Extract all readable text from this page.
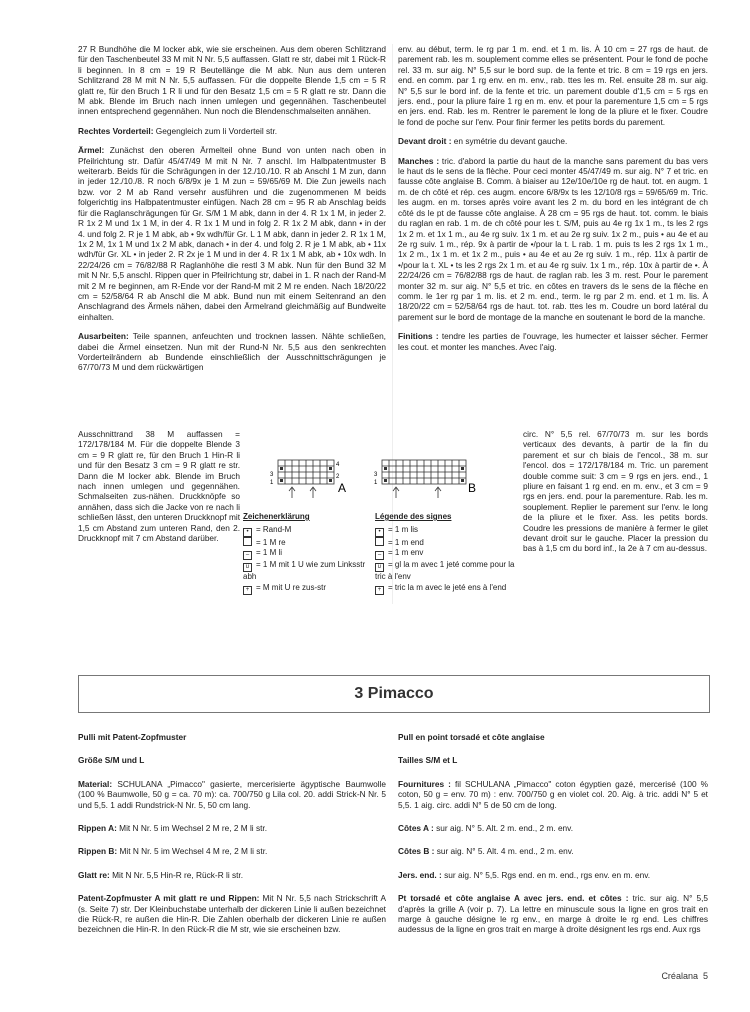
27 R Bundhöhe die M locker abk, wie sie erscheinen. Aus dem oberen Schlitzrand für den Taschenbeutel 33 M mit N Nr. 5,5 auffassen. Glatt re str, dabei mit 1 Rück-R li beginnen. In 8 cm = 19 R Beutellänge die M abk. Nun aus dem unteren Schlitzrand 28 M mit N Nr. 5,5 auffassen. Für die doppelte Blende 1,5 cm = 5 R glatt re, für den Bruch 1 R li und für den Besatz 1,5 cm = 5 R glatt re str. Dann die M abk. Blende im Bruch nach innen umlegen und gegennähen. Taschenbeutel innen entsprechend gegennähen. Nun noch die Blendenschmalseiten annähen.

Rechtes Vorderteil: Gegengleich zum li Vorderteil str.

Ärmel: Zunächst den oberen Ärmelteil ohne Bund von unten nach oben in Pfeilrichtung str. Dafür 45/47/49 M mit N Nr. 7 anschl. Im Halbpatentmuster B weiterarb. Beids für die Schrägungen in der 12./10./10. R ab Anschl 1 M zun, dann in jeder 12./10./8. R noch 6/8/9x je 1 M zun = 59/65/69 M. Die Zun jeweils nach bzw. vor 2 M ab Rand versehr ausführen und die zugenommenen M beids folgerichtig ins Halbpatentmuster einfügen. Nach 28 cm = 95 R ab Anschlag beids für die Raglanschrägungen für Gr. S/M 1 M abk, dann in der 4. R 1x 1 M, in jeder 2. R 1x 2 M und 1x 1 M, in der 4. R 1x 1 M und in folg 2. R 1x 2 M abk, dann • in der 4. und folg 2. R je 1 M abk, ab • 9x wdh/für Gr. L 1 M abk, dann in jeder 2. R 1x 1 M, 1x 2 M, 1x 1 M und 1x 2 M abk, danach • in der 4. und folg 2. R je 1 M abk, ab • 11x wdh/für Gr. XL • in jeder 2. R 2x je 1 M und in der 4. R 1x 1 M abk, ab • 10x wdh. In 22/24/26 cm = 76/82/88 R Raglanhöhe die restl 3 M abk. Nun für den Bund 32 M mit N Nr. 5,5 anschl. Rippen quer in Pfeilrichtung str, dabei in 1. R nach der Rand-M mit 2 M re beginnen, am R-Ende vor der Rand-M mit 2 M re enden. Nach 18/20/22 cm = 52/58/64 R ab Anschl die M abk. Bund nun mit einem Seitenrand an den Anschlagrand des Ärmels nähen, dabei den Ärmelrand gleichmäßig auf Bundweite einhalten.

Ausarbeiten: Teile spannen, anfeuchten und trocknen lassen. Nähte schließen, dabei die Ärmel einsetzen. Nun mit der Rund-N Nr. 5,5 aus den senkrechten Vorderteilrändern ab Bundende einschließlich der Ausschnittschrägungen je 67/70/73 M und dem rückwärtigen

Ausschnittrand 38 M auffassen = 172/178/184 M. Für die doppelte Blende 3 cm = 9 R glatt re, für den Bruch 1 Hin-R li und für den Besatz 3 cm = 9 R glatt re str. Dann die M locker abk. Blende im Bruch nach innen umlegen und gegennähen. Schmalseiten zus-nähen. Druckknöpfe so annähen, dass sich die Jacke von re nach li schließen lässt, den unteren Druckknopf mit 1,5 cm Abstand zum unteren Rand, den 2. Druckknopf mit 7 cm Abstand darüber.

env. au début, term. le rg par 1 m. end. et 1 m. lis. À 10 cm = 27 rgs de haut. de parement rab. les m. souplement comme elles se présentent. Pour le fond de poche rel. 33 m. sur aig. N° 5,5 sur le bord sup. de la fente et tric. 8 cm = 19 rgs en jers. end. en comm. par 1 rg env. en m. env., rab. ttes les m. Rel. ensuite 28 m. sur aig. N° 5,5 sur le bord inf. de la fente et tric. un parement double d'1,5 cm = 5 rgs en jers. end., pour la pliure faire 1 rg en m. env. et pour la parementure 1,5 cm = 5 rgs en jers. end. Rab. les m. Rentrer le parement le long de la pliure et le fixer. Coudre le fond de poche sur l'env. Pour finir fermer les petits bords du parement.

Devant droit : en symétrie du devant gauche.

Manches : tric. d'abord la partie du haut de la manche sans parement du bas vers le haut ds le sens de la flèche. Pour ceci monter 45/47/49 m. sur aig. N° 7 et tric. en fausse côte anglaise B. Comm. à biaiser au 12e/10e/10e rg de haut. tot. en augm. 1 m. de ch côté et rép. ces augm. encore 6/8/9x ts les 12/10/8 rgs = 59/65/69 m. Tric. les augm. en m. torses après voire avant les 2 m. du bord en les intégrant de ch côté ds le pt de fausse côte anglaise. À 28 cm = 95 rgs de haut. tot. comm. le biais du raglan en rab. 1 m. de ch côté pour les t. S/M, puis au 4e rg 1x 1 m., ts les 2 rgs 1x 2 m. et 1x 1 m., au 4e rg suiv. 1x 1 m. et au 2e rg suiv. 1x 2 m., puis • au 4e et au 2e rg suiv. 1 m., rép. 9x à partir de •/pour la t. L rab. 1 m. puis ts les 2 rgs 1x 1 m., 1x 2 m., 1x 1 m. et 1x 2 m., puis • au 4e et au 2e rg suiv. 1 m., rép. 11x à partir de •/pour la t. XL • ts les 2 rgs 2x 1 m. et au 4e rg suiv. 1x 1 m., rép. 10x à partir de •. À 22/24/26 cm = 76/82/88 rgs de haut. de raglan rab. les 3 m. rest. Pour le parement monter 32 m. sur aig. N° 5,5 et tric. en côtes en travers ds le sens de la flèche en comm. le 1er rg par 1 m. lis. et 2 m. end., term. le rg par 2 m. end. et 1 m. lis. À 18/20/22 cm = 52/58/64 rgs de haut. tot. rab. ttes les m. Coudre un bord latéral du parement sur le bord de montage de la manche en soutenant le bord de la manche.

Finitions : tendre les parties de l'ouvrage, les humecter et laisser sécher. Fermer les cout. et monter les manches. Avec l'aig.

circ. N° 5,5 rel. 67/70/73 m. sur les bords verticaux des devants, à partir de la fin du parement et sur ch biais de l'encol., 38 m. sur l'encol. dos = 172/178/184 m. Tric. un parement double comme suit: 3 cm = 9 rgs en jers. end., 1 pliure en faisant 1 rg end. en m. env., et 3 cm = 9 rgs en jers. end. pour la parementure. Rab. les m. souplement. Replier le parement sur l'env. le long de la pliure et le fixer. Ass. les petits bords. Coudre les pressions de manière à fermer le gilet devant droit sur le gauche. Placer la pression du bas à 1,5 cm du bord inf., la 2e à 7 cm au-dessus.
3
1
4
2
A
3
1	B
Zeichenerklärung
• = Rand-M
= 1 M re
– = 1 M li
∪ = 1 M mit 1 U wie zum Linksstr abh
+ = M mit U re zus-str
Légende des signes
• = 1 m lis
= 1 m end
– = 1 m env
∪ = gl la m avec 1 jeté comme pour la tric à l'env
+ = tric la m avec le jeté ens à l'end
3 Pimacco

Pulli mit Patent-Zopfmuster

Größe S/M und L

Material: SCHULANA „Pimacco" gasierte, mercerisierte ägyptische Baumwolle (100 % Baumwolle, 50 g = ca. 70 m): ca. 700/750 g Lila col. 20. addi Strick-N Nr. 5 und 5,5. 1 addi Rundstrick-N Nr. 5, 50 cm lang.

Rippen A: Mit N Nr. 5 im Wechsel 2 M re, 2 M li str.

Rippen B: Mit N Nr. 5 im Wechsel 4 M re, 2 M li str.

Glatt re: Mit N Nr. 5,5 Hin-R re, Rück-R li str.

Patent-Zopfmuster A mit glatt re und Rippen: Mit N Nr. 5,5 nach Strickschrift A (s. Seite 7) str. Der Kleinbuchstabe unterhalb der dickeren Linie li außen bezeichnet die Rück-R, re außen die Hin-R. Die Zahlen oberhalb der dickeren Linie re außen bezeichnen die Hin-R. In den Rück-R die M str, wie sie erscheinen bzw.

Pull en point torsadé et côte anglaise

Tailles S/M et L

Fournitures : fil SCHULANA „Pimacco" coton égyptien gazé, mercerisé (100 % coton, 50 g = env. 70 m) : env. 700/750 g en violet col. 20. Aig. à tric. addi N° 5 et 5,5. 1 aig. circ. addi N° 5 de 50 cm de long.

Côtes A : sur aig. N° 5. Alt. 2 m. end., 2 m. env.

Côtes B : sur aig. N° 5. Alt. 4 m. end., 2 m. env.

Jers. end. : sur aig. N° 5,5. Rgs end. en m. end., rgs env. en m. env.

Pt torsadé et côte anglaise A avec jers. end. et côtes : tric. sur aig. N° 5,5 d'après la grille A (voir p. 7). La lettre en minuscule sous la ligne en gros trait en marge à gauche désigne le rg env., en marge à droite le rg end. Les chiffres audessus de la ligne en gros trait en marge à droite désignent les rgs end. Aux rgs

Créalana 5
